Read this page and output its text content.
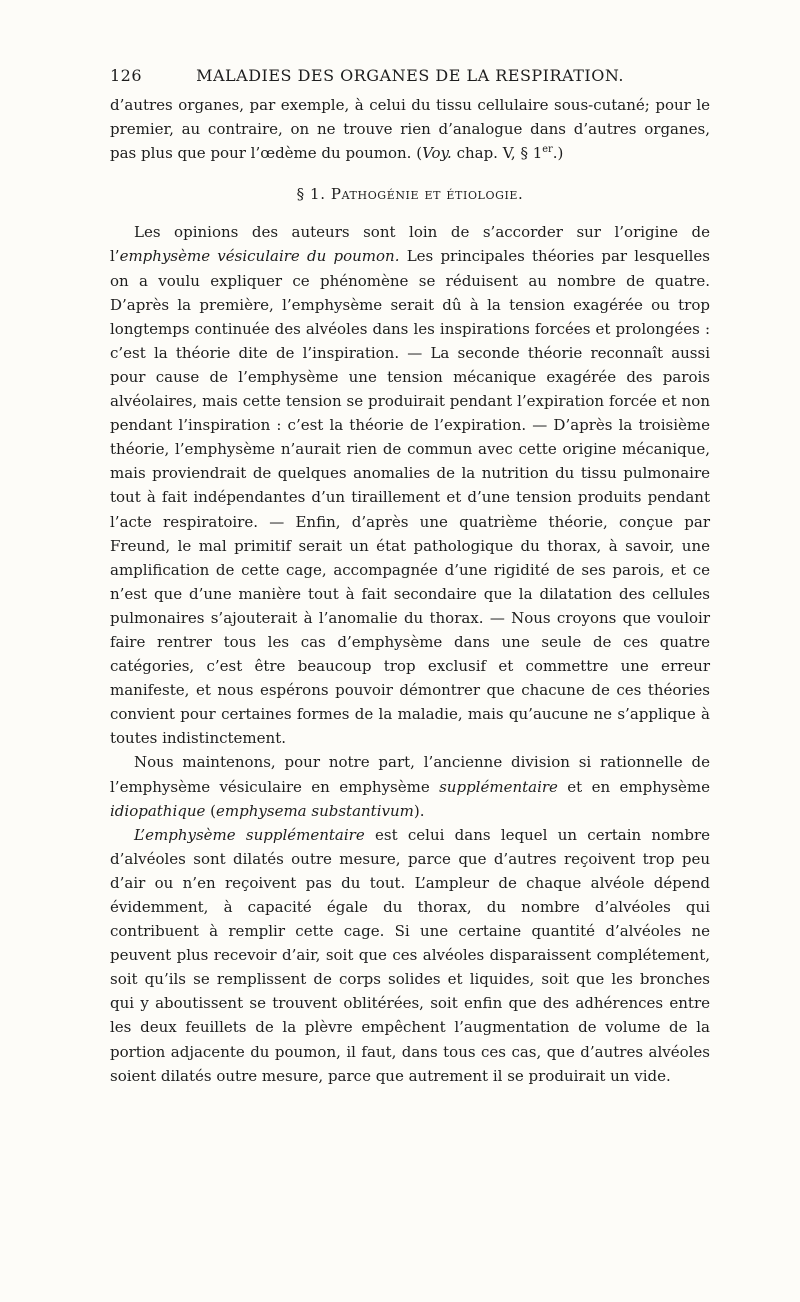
126	MALADIES DES ORGANES DE LA RESPIRATION.

d’autres organes, par exemple, à celui du tissu cellulaire sous-cutané; pour le premier, au contraire, on ne trouve rien d’analogue dans d’autres organes, pas plus que pour l’œdème du poumon. (Voy. chap. V, § 1er.)

§ 1. Pathogénie et étiologie.

Les opinions des auteurs sont loin de s’accorder sur l’origine de l’emphysème vésiculaire du poumon. Les principales théories par lesquelles on a voulu expliquer ce phénomène se réduisent au nombre de quatre. D’après la première, l’emphysème serait dû à la tension exagérée ou trop longtemps continuée des alvéoles dans les inspirations forcées et prolongées : c’est la théorie dite de l’inspiration. — La seconde théorie reconnaît aussi pour cause de l’emphysème une tension mécanique exagérée des parois alvéolaires, mais cette tension se produirait pendant l’expiration forcée et non pendant l’inspiration : c’est la théorie de l’expiration. — D’après la troisième théorie, l’emphysème n’aurait rien de commun avec cette origine mécanique, mais proviendrait de quelques anomalies de la nutrition du tissu pulmonaire tout à fait indépendantes d’un tiraillement et d’une tension produits pendant l’acte respiratoire. — Enfin, d’après une quatrième théorie, conçue par Freund, le mal primitif serait un état pathologique du thorax, à savoir, une amplification de cette cage, accompagnée d’une rigidité de ses parois, et ce n’est que d’une manière tout à fait secondaire que la dilatation des cellules pulmonaires s’ajouterait à l’anomalie du thorax. — Nous croyons que vouloir faire rentrer tous les cas d’emphysème dans une seule de ces quatre catégories, c’est être beaucoup trop exclusif et commettre une erreur manifeste, et nous espérons pouvoir démontrer que chacune de ces théories convient pour certaines formes de la maladie, mais qu’aucune ne s’applique à toutes indistinctement.

Nous maintenons, pour notre part, l’ancienne division si rationnelle de l’emphysème vésiculaire en emphysème supplémentaire et en emphysème idiopathique (emphysema substantivum).

L’emphysème supplémentaire est celui dans lequel un certain nombre d’alvéoles sont dilatés outre mesure, parce que d’autres reçoivent trop peu d’air ou n’en reçoivent pas du tout. L’ampleur de chaque alvéole dépend évidemment, à capacité égale du thorax, du nombre d’alvéoles qui contribuent à remplir cette cage. Si une certaine quantité d’alvéoles ne peuvent plus recevoir d’air, soit que ces alvéoles disparaissent complétement, soit qu’ils se remplissent de corps solides et liquides, soit que les bronches qui y aboutissent se trouvent oblitérées, soit enfin que des adhérences entre les deux feuillets de la plèvre empêchent l’augmentation de volume de la portion adjacente du poumon, il faut, dans tous ces cas, que d’autres alvéoles soient dilatés outre mesure, parce que autrement il se produirait un vide.
